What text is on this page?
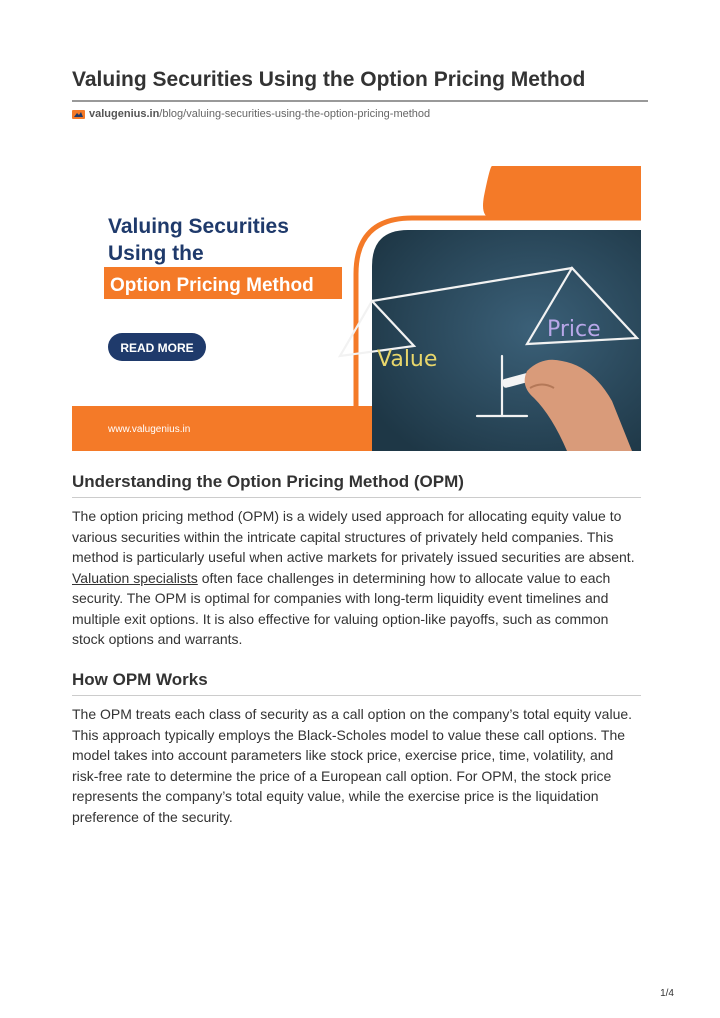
Valuing Securities Using the Option Pricing Method
valugenius.in /blog/valuing-securities-using-the-option-pricing-method
Price
Value
Valuing Securities
Using the
Option Pricing Method
READ MORE
www.valugenius.in
Understanding the Option Pricing Method (OPM)

The option pricing method (OPM) is a widely used approach for allocating equity value to various securities within the intricate capital structures of privately held companies. This method is particularly useful when active markets for privately issued securities are absent. Valuation specialists often face challenges in determining how to allocate value to each security. The OPM is optimal for companies with long-term liquidity event timelines and multiple exit options. It is also effective for valuing option-like payoffs, such as common stock options and warrants.

How OPM Works

The OPM treats each class of security as a call option on the company’s total equity value. This approach typically employs the Black-Scholes model to value these call options. The model takes into account parameters like stock price, exercise price, time, volatility, and risk-free rate to determine the price of a European call option. For OPM, the stock price represents the company’s total equity value, while the exercise price is the liquidation preference of the security.

1/4
